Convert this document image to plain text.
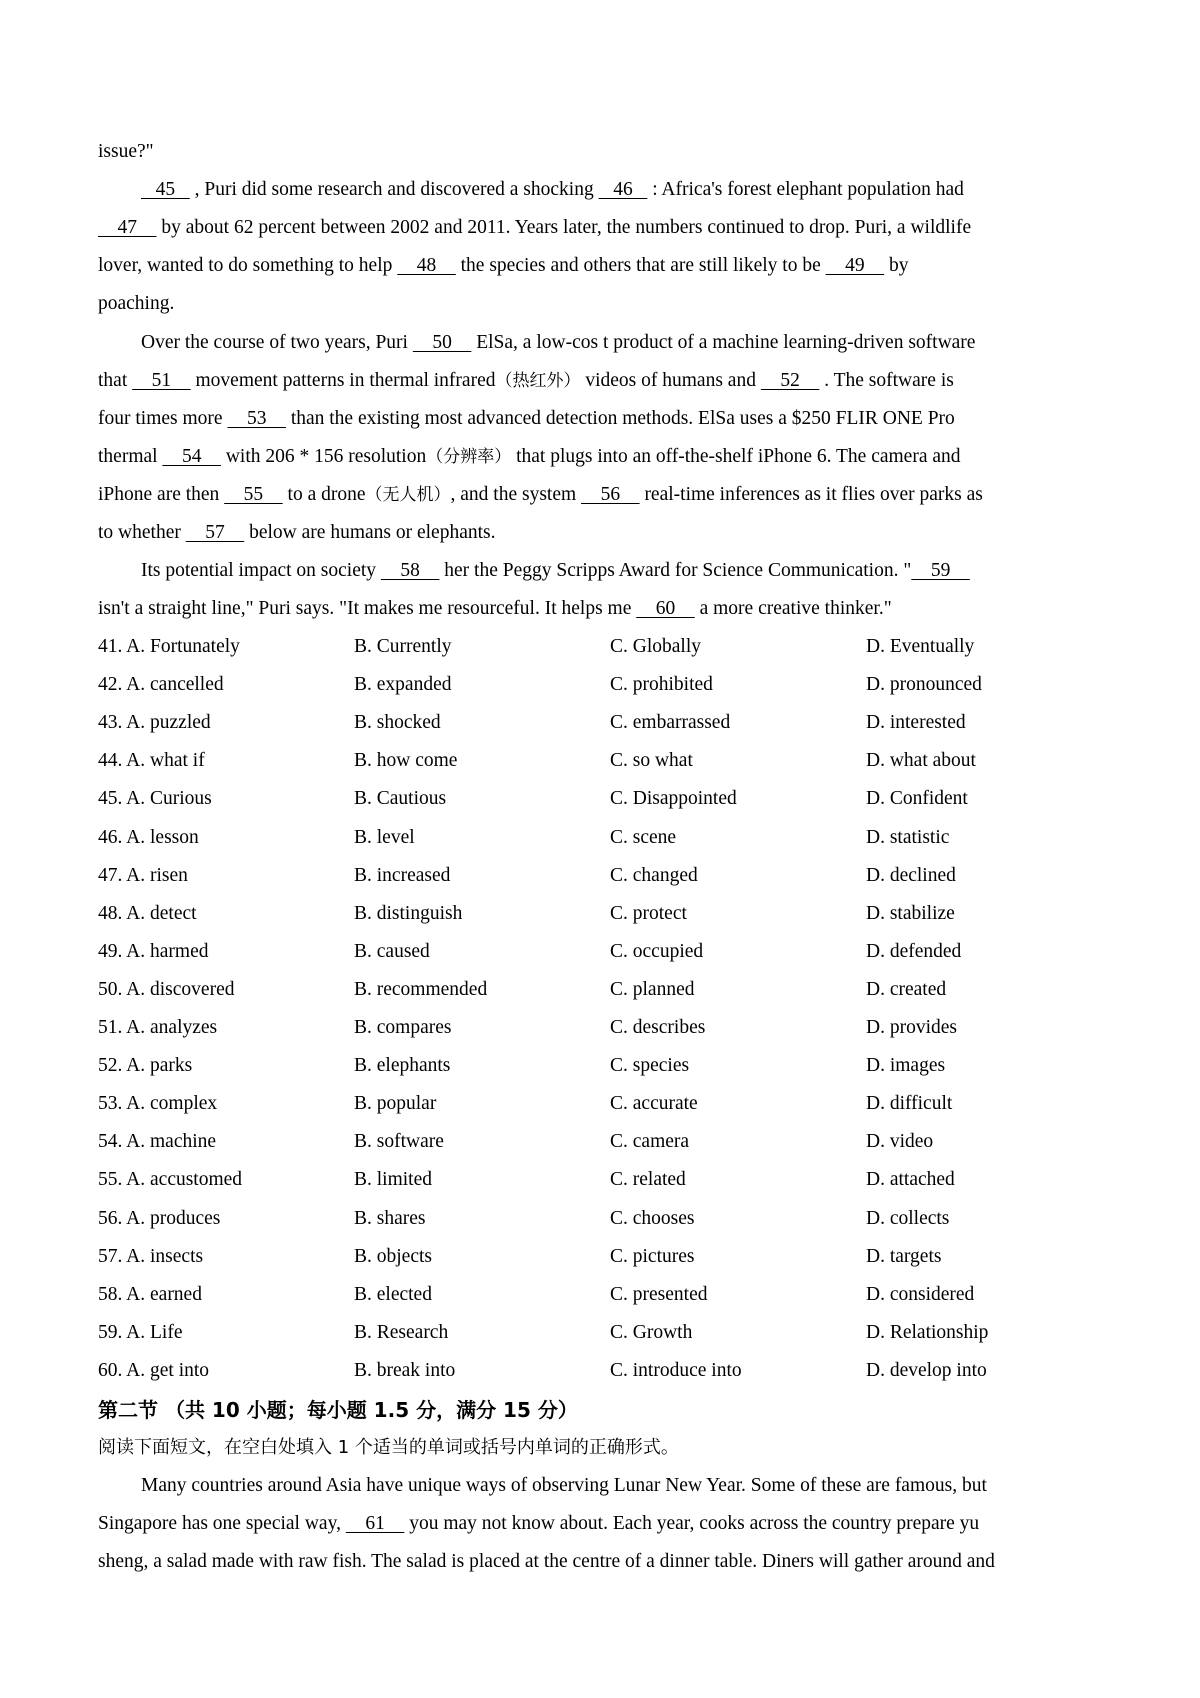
issue?"
45    , Puri did some research and discovered a shocking    46    : Africa's forest elephant population had
47     by about 62 percent between 2002 and 2011. Years later, the numbers continued to drop. Puri, a wildlife
lover, wanted to do something to help     48     the species and others that are still likely to be     49     by
poaching.
Over the course of two years, Puri     50     ElSa, a low-cos t product of a machine learning-driven software
that     51     movement patterns in thermal infrared（热红外） videos of humans and     52     . The software is
four times more     53     than the existing most advanced detection methods. ElSa uses a $250 FLIR ONE Pro
thermal     54     with 206 * 156 resolution（分辨率） that plugs into an off-the-shelf iPhone 6. The camera and
iPhone are then     55     to a drone（无人机）, and the system     56     real-time inferences as it flies over parks as
to whether     57     below are humans or elephants.
Its potential impact on society     58     her the Peggy Scripps Award for Science Communication. "    59
isn't a straight line," Puri says. "It makes me resourceful. It helps me     60     a more creative thinker."
41. A. Fortunately	B. Currently	C. Globally	D. Eventually
42. A. cancelled	B. expanded	C. prohibited	D. pronounced
43. A. puzzled	B. shocked	C. embarrassed	D. interested
44. A. what if	B. how come	C. so what	D. what about
45. A. Curious	B. Cautious	C. Disappointed	D. Confident
46. A. lesson	B. level	C. scene	D. statistic
47. A. risen	B. increased	C. changed	D. declined
48. A. detect	B. distinguish	C. protect	D. stabilize
49. A. harmed	B. caused	C. occupied	D. defended
50. A. discovered	B. recommended	C. planned	D. created
51. A. analyzes	B. compares	C. describes	D. provides
52. A. parks	B. elephants	C. species	D. images
53. A. complex	B. popular	C. accurate	D. difficult
54. A. machine	B. software	C. camera	D. video
55. A. accustomed	B. limited	C. related	D. attached
56. A. produces	B. shares	C. chooses	D. collects
57. A. insects	B. objects	C. pictures	D. targets
58. A. earned	B. elected	C. presented	D. considered
59. A. Life	B. Research	C. Growth	D. Relationship
60. A. get into	B. break into	C. introduce into	D. develop into
第二节 （共 10 小题；每小题 1.5 分，满分 15 分）
阅读下面短文，在空白处填入 1 个适当的单词或括号内单词的正确形式。
Many countries around Asia have unique ways of observing Lunar New Year. Some of these are famous, but
Singapore has one special way,     61     you may not know about. Each year, cooks across the country prepare yu
sheng, a salad made with raw fish. The salad is placed at the centre of a dinner table. Diners will gather around and
